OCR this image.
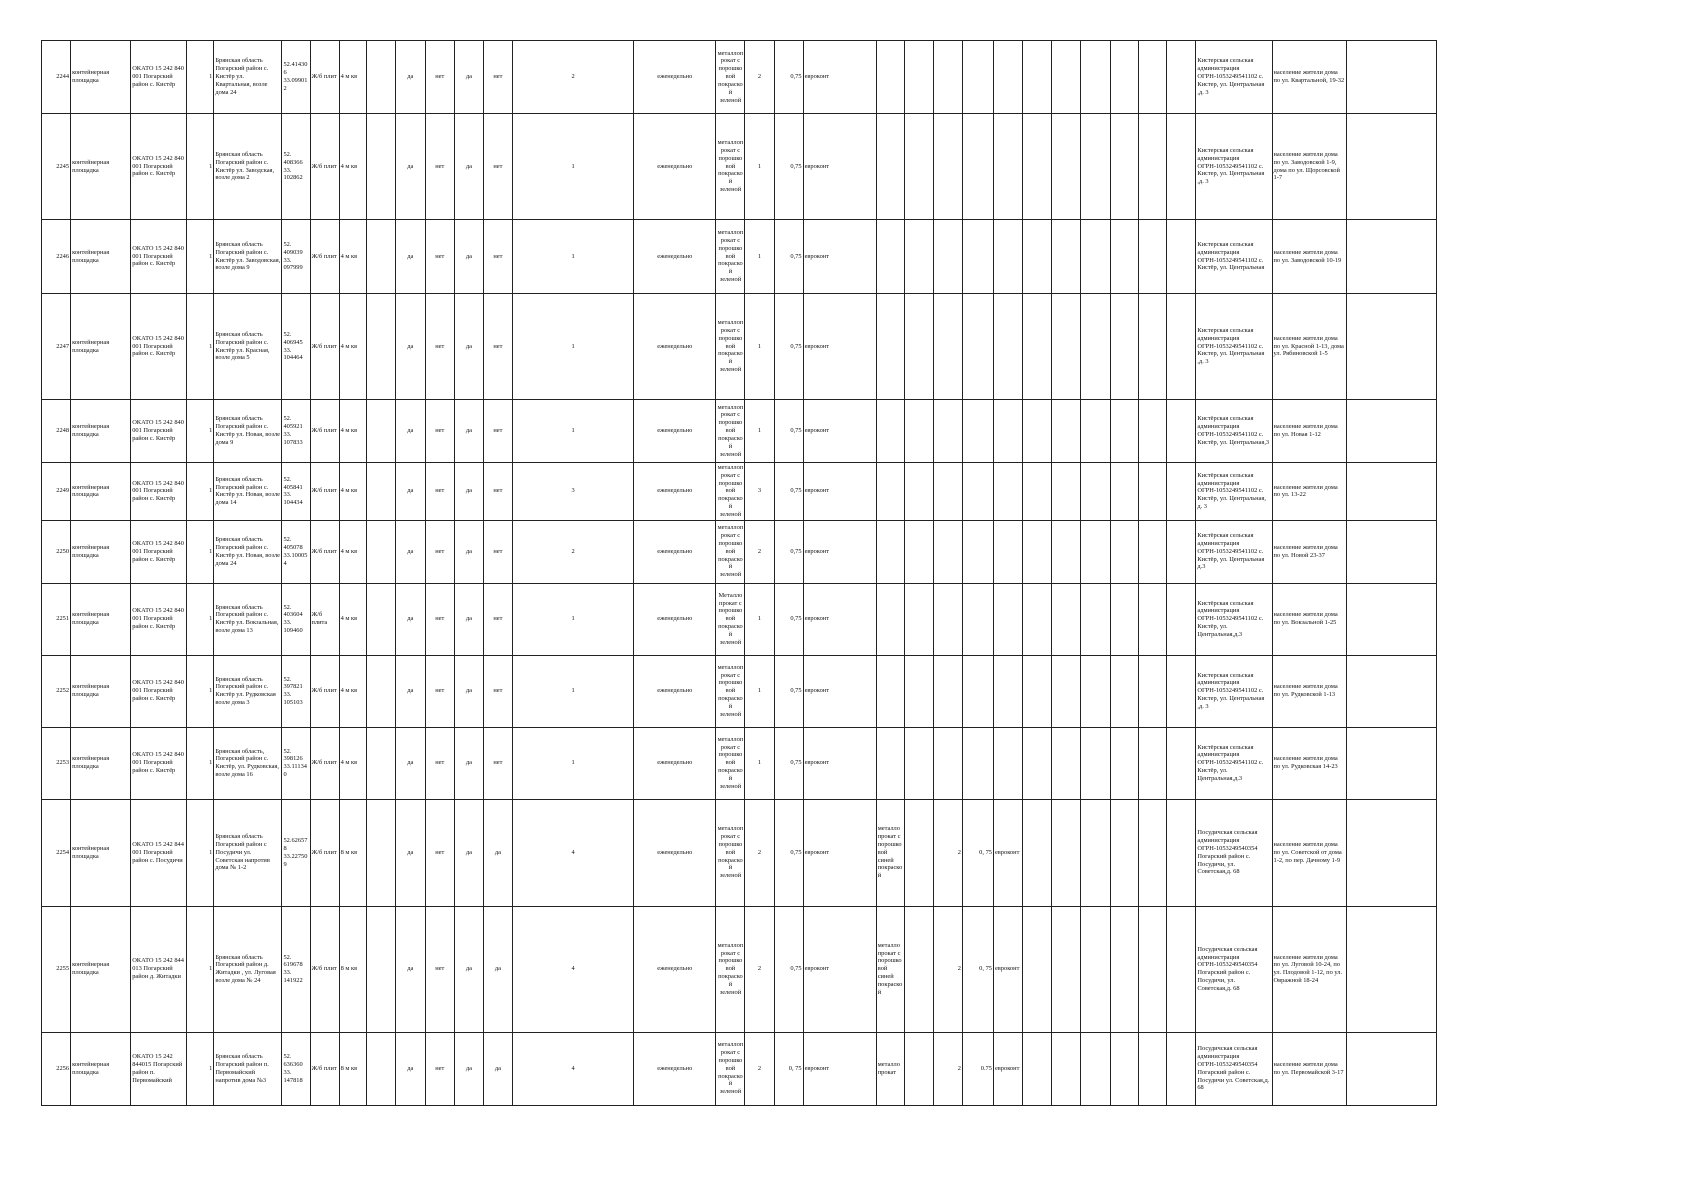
2244	контейнерная площадка	ОКАТО 15 242 840 001 Погарский район с. Кистёр	1	Брянская область Погарский район с. Кистёр ул. Квартальная, возле дома 24	52.414306 33.099012	Ж/б плит	4 м кв		да	нет	да	нет	2	еженедельно	металлопрокат с порошковой покраской зеленой	2	0,75	евроконт												Кистерская сельская администрация ОГРН-1053249541102 с. Кистер, ул. Центральная ,д. 3	население жители дома по ул. Квартальной, 19-32	
2245	контейнерная площадка	ОКАТО 15 242 840 001 Погарский район с. Кистёр	1	Брянская область Погарский район с. Кистёр ул. Заводская, возле дома 2	52. 408366 33. 102862	Ж/б плит	4 м кв		да	нет	да	нет	1	еженедельно	металлопрокат с порошковой покраской зеленой	1	0,75	евроконт												Кистерская сельская администрация ОГРН-1053249541102 с. Кистер, ул. Центральная ,д. 3	население жители дома по ул. Заводовской 1-9, дома по ул. Щорсовской 1-7	
2246	контейнерная площадка	ОКАТО 15 242 840 001 Погарский район с. Кистёр	1	Брянская область Погарский район с. Кистёр ул. Заводовская, возле дома 9	52. 409039 33. 097999	Ж/б плит	4 м кв		да	нет	да	нет	1	еженедельно	металлопрокат с порошковой покраской зеленой	1	0,75	евроконт												Кистерская сельская администрация ОГРН-1053249541102 с. Кистёр, ул. Центральная	население жители дома по ул. Заводовской 10-19	
2247	контейнерная площадка	ОКАТО 15 242 840 001 Погарский район с. Кистёр	1	Брянская область Погарский район с. Кистёр ул. Красная, возле дома 5	52. 406945 33. 104464	Ж/б плит	4 м кв		да	нет	да	нет	1	еженедельно	металлопрокат с порошковой покраской зеленой	1	0,75	евроконт												Кистерская сельская администрация ОГРН-1053249541102 с. Кистер, ул. Центральная ,д. 3	население жители дома по ул. Красной 1-13, дома ул. Рябиновской 1-5	
2248	контейнерная площадка	ОКАТО 15 242 840 001 Погарский район с. Кистёр	1	Брянская область Погарский район с. Кистёр ул. Новая, возле дома 9	52. 405921 33. 107833	Ж/б плит	4 м кв		да	нет	да	нет	1	еженедельно	металлопрокат с порошковой покраской зеленой	1	0,75	евроконт												Кистёрская сельская администрация ОГРН-1053249541102 с. Кистёр, ул. Центральная,3	население жители дома по ул. Новая 1-12	
2249	контейнерная площадка	ОКАТО 15 242 840 001 Погарский район с. Кистёр	1	Брянская область Погарский район с. Кистёр ул. Новая, возле дома 14	52. 405841 33. 104434	Ж/б плит	4 м кв		да	нет	да	нет	3	еженедельно	металлопрокат с порошковой покраской зеленой	3	0,75	евроконт												Кистёрская сельская администрация ОГРН-1053249541102 с. Кистёр, ул. Центральная, д. 3	население жители дома по ул. 13-22	
2250	контейнерная площадка	ОКАТО 15 242 840 001 Погарский район с. Кистёр	1	Брянская область Погарский район с. Кистёр ул. Новая, возле дома 24	52. 405078 33.100054	Ж/б плит	4 м кв		да	нет	да	нет	2	еженедельно	металлопрокат с порошковой покраской зеленой	2	0,75	евроконт												Кистёрская сельская администрация ОГРН-1053249541102 с. Кистёр, ул. Центральная д.3	население жители дома по ул. Новой 23-37	
2251	контейнерная площадка	ОКАТО 15 242 840 001 Погарский район с. Кистёр	1	Брянская область Погарский район с. Кистёр ул. Вокзальная, возле дома 13	52. 403604 33. 109460	Ж/б плита	4 м кв		да	нет	да	нет	1	еженедельно	Металлопрокат с порошковой покраской зеленой	1	0,75	евроконт												Кистёрская сельская администрация ОГРН-1053249541102 с. Кистёр, ул. Центральная,д.3	население жители дома по ул. Вокзальной 1-25	
2252	контейнерная площадка	ОКАТО 15 242 840 001 Погарский район с. Кистёр	1	Брянская область Погарский район с. Кистёр ул. Рудковская возле дома 3	52. 397821 33. 105103	Ж/б плит	4 м кв		да	нет	да	нет	1	еженедельно	металлопрокат с порошковой покраской зеленой	1	0,75	евроконт												Кистерская сельская администрация ОГРН-1053249541102 с. Кистер, ул. Центральная ,д. 3	население жители дома по ул. Рудковской 1-13	
2253	контейнерная площадка	ОКАТО 15 242 840 001 Погарский район с. Кистёр	1	Брянская область, Погарский район с. Кистёр, ул. Рудковская, возле дома 16	52. 398126 33.111340	Ж/б плит	4 м кв		да	нет	да	нет	1	еженедельно	металлопрокат с порошковой покраской зеленой	1	0,75	евроконт												Кистёрская сельская администрация ОГРН-1053249541102 с. Кистёр, ул. Центральная,д.3	население жители дома по ул. Рудковская 14-23	
2254	контейнерная площадка	ОКАТО 15 242 844 001 Погарский район с. Посудичи	1	Брянская область Погарский район с Посудичи ул. Советская напротив дома № 1-2	52.626578 33.227509	Ж/б плит	8 м кв		да	нет	да	да	4	еженедельно	металлопрокат с порошковой покраской зеленой	2	0,75	евроконт	металлопрокат с порошковой синей покраской		2	0, 75	евроконт							Посудичская сельская администрация ОГРН-1053249540354 Погарский район с. Посудичи, ул. Советская,д. 68	население жители дома по ул. Советской от дома 1-2, по пер. Дачному 1-9	
2255	контейнерная площадка	ОКАТО 15 242 844 013 Погарский район д. Житадки	1	Брянская область Погарский район д. Житадки , ул. Луговая возле дома № 24	52. 619678 33. 141922	Ж/б плит	8 м кв		да	нет	да	да	4	еженедельно	металлопрокат с порошковой покраской зеленой	2	0,75	евроконт	металлопрокат с порошковой синей покраской		2	0, 75	евроконт							Посудичская сельская администрация ОГРН-1053249540354 Погарский район с. Посудичи, ул. Советская,д. 68	население жители дома по ул. Луговой 10-24, по ул. Плодовой 1-12, по ул. Овражной 18-24	
2256	контейнерная площадка	ОКАТО 15 242 844015 Погарский район п. Первомайский	1	Брянская область Погарский район п. Первомайский напротив дома №3	52. 636360 33. 147818	Ж/б плит	8 м кв		да	нет	да	да	4	еженедельно	металлопрокат с порошковой покраской зеленой	2	0, 75	евроконт	металлопрокат		2	0.75	евроконт							Посудичская сельская администрация ОГРН-1053249540354 Погарский район с. Посудичи ул. Советская,д. 68	население жители дома по ул. Первомайской 3-17	
